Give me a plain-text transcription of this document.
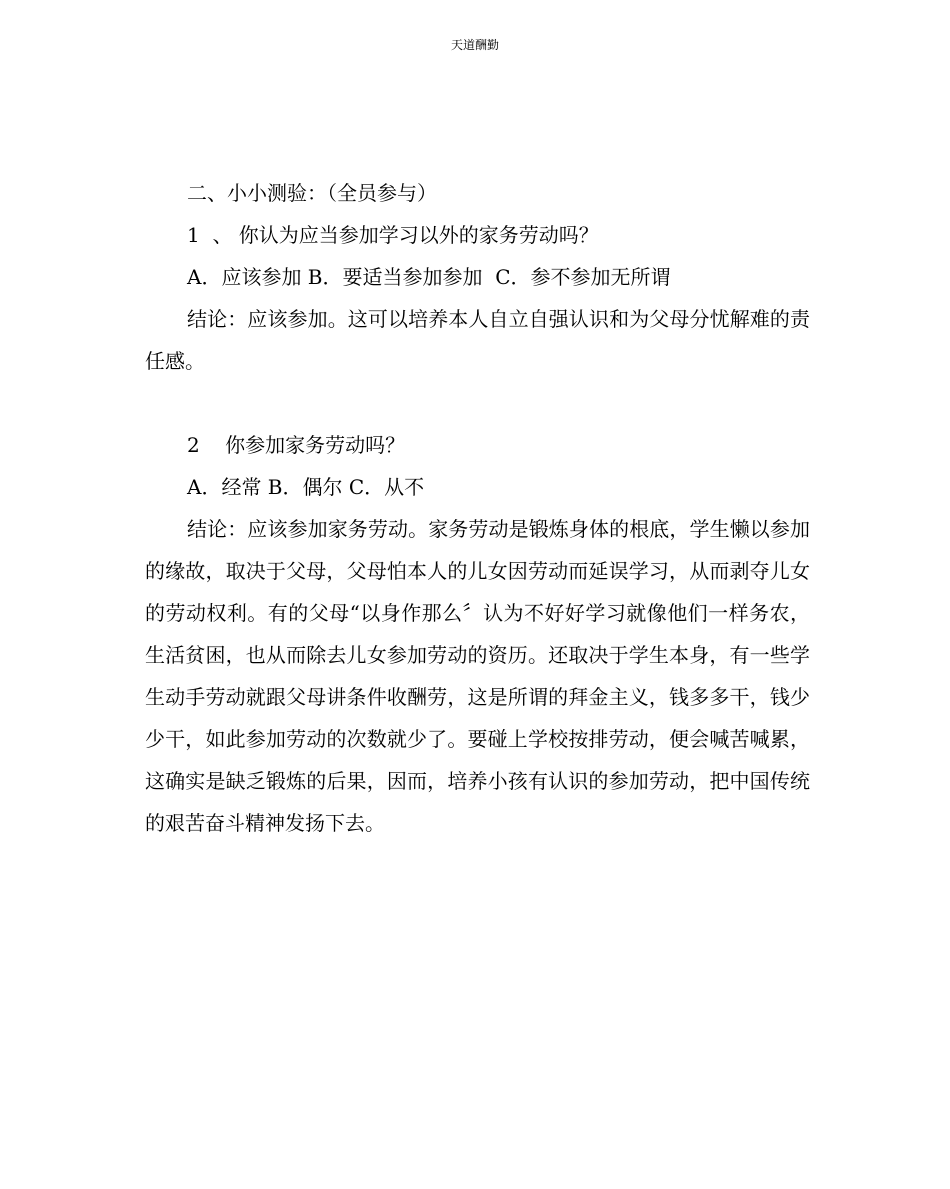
天道酬勤
二、小小测验：（全员参与）
1  、 你认为应当参加学习以外的家务劳动吗？
A．应该参加 B．要适当参加参加  C．参不参加无所谓
结论：应该参加。这可以培养本人自立自强认识和为父母分忧解难的责任感。
2    你参加家务劳动吗？
A．经常 B．偶尔 C．从不
结论：应该参加家务劳动。家务劳动是锻炼身体的根底，学生懒以参加的缘故，取决于父母，父母怕本人的儿女因劳动而延误学习，从而剥夺儿女的劳动权利。有的父母“以身作那么〞认为不好好学习就像他们一样务农，生活贫困，也从而除去儿女参加劳动的资历。还取决于学生本身，有一些学生动手劳动就跟父母讲条件收酬劳，这是所谓的拜金主义，钱多多干，钱少少干，如此参加劳动的次数就少了。要碰上学校按排劳动，便会喊苦喊累，这确实是缺乏锻炼的后果，因而，培养小孩有认识的参加劳动，把中国传统的艰苦奋斗精神发扬下去。
